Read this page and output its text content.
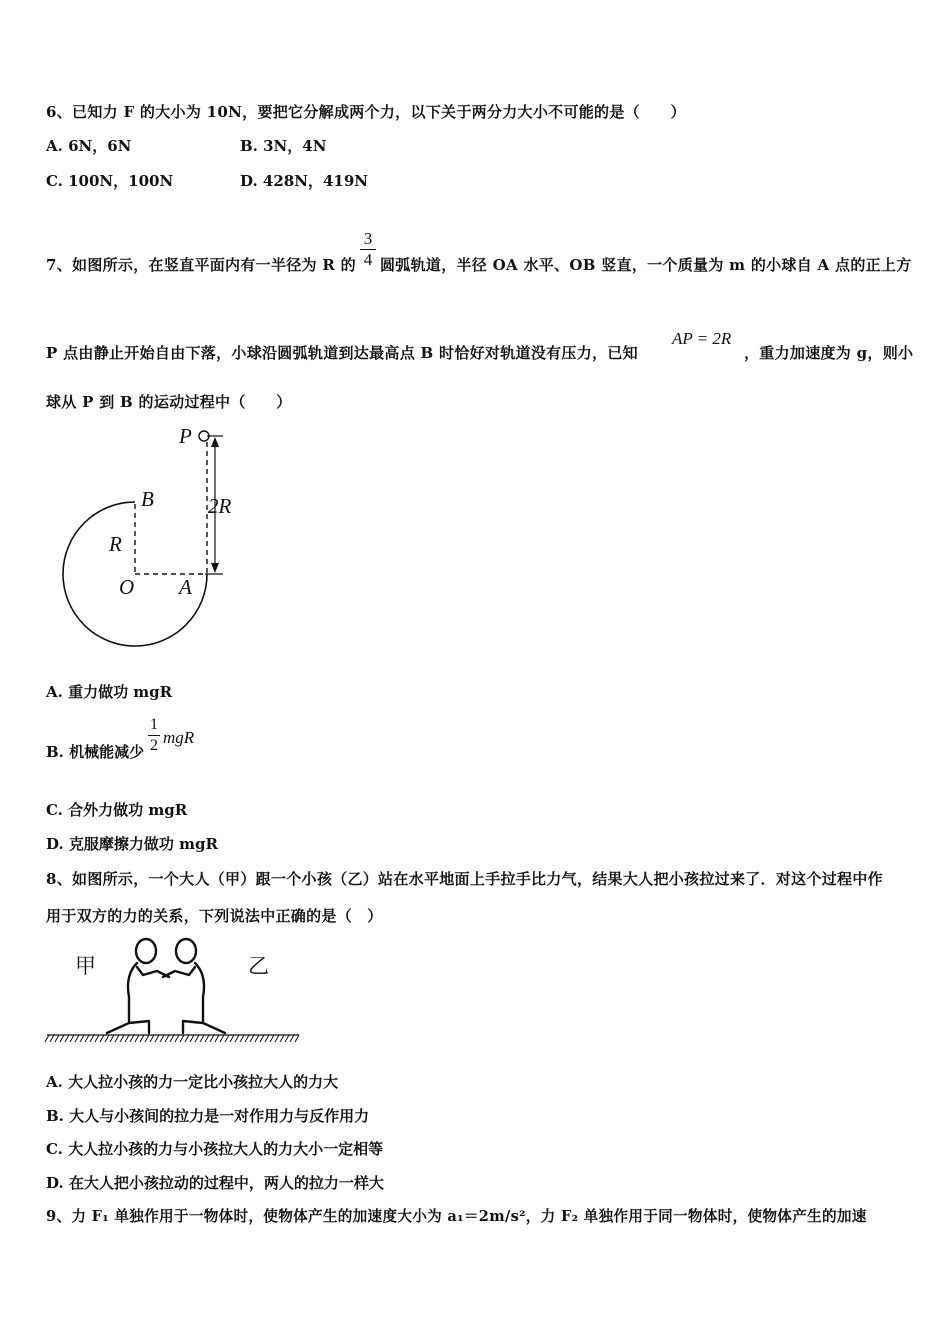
6、已知力 F 的大小为 10N，要把它分解成两个力，以下关于两分力大小不可能的是（　　）
A. 6N，6N	B. 3N，4N
C. 100N，100N	D. 428N，419N
7、如图所示，在竖直平面内有一半径为 R 的
3
4 圆弧轨道，半径 OA 水平、OB 竖直，一个质量为 m 的小球自 A 点的正上方
P 点由静止开始自由下落，小球沿圆弧轨道到达最高点 B 时恰好对轨道没有压力，已知
AP = 2R
，重力加速度为 g，则小
球从 P 到 B 的运动过程中（　　）
P
B
R
O A
2R
A. 重力做功 mgR
B. 机械能减少
1
2 mgR
C. 合外力做功 mgR
D. 克服摩擦力做功 mgR
8、如图所示，一个大人（甲）跟一个小孩（乙）站在水平地面上手拉手比力气，结果大人把小孩拉过来了．对这个过程中作
用于双方的力的关系，下列说法中正确的是（　）
甲	乙
A. 大人拉小孩的力一定比小孩拉大人的力大
B. 大人与小孩间的拉力是一对作用力与反作用力
C. 大人拉小孩的力与小孩拉大人的力大小一定相等
D. 在大人把小孩拉动的过程中，两人的拉力一样大
9、力 F₁ 单独作用于一物体时，使物体产生的加速度大小为 a₁＝2m/s²，力 F₂ 单独作用于同一物体时，使物体产生的加速
